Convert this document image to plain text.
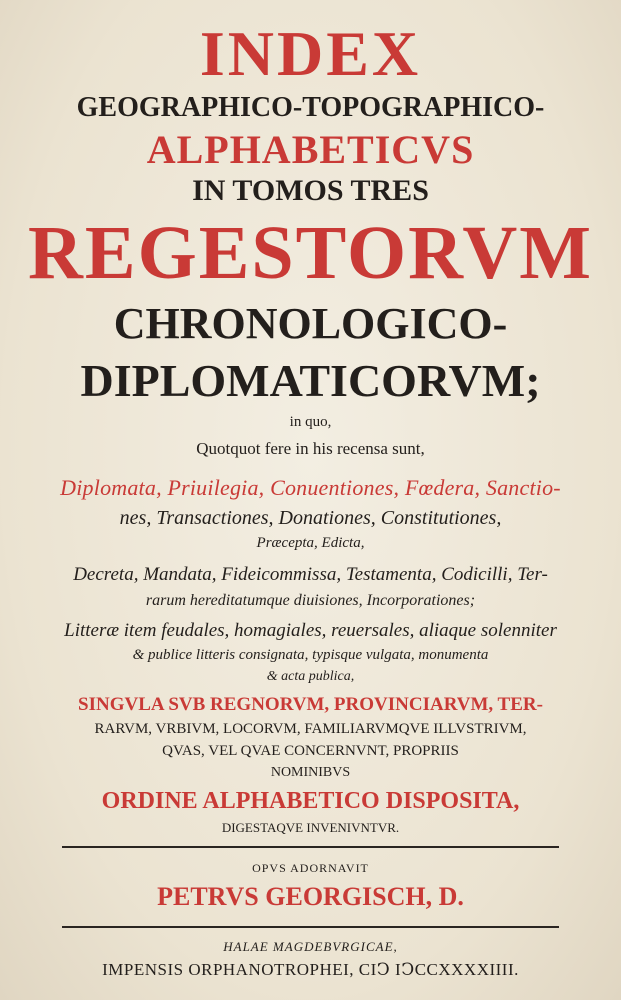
INDEX
GEOGRAPHICO-TOPOGRAPHICO-
ALPHABETICVS
IN TOMOS TRES
REGESTORVM
CHRONOLOGICO-
DIPLOMATICORVM;
in quo,
Quotquot fere in his recensa sunt,
Diplomata, Priuilegia, Conuentiones, Fœdera, Sanctio-
nes, Transactiones, Donationes, Constitutiones,
Præcepta, Edicta,
Decreta, Mandata, Fideicommissa, Testamenta, Codicilli, Ter-
rarum hereditatumque diuisiones, Incorporationes;
Litteræ item feudales, homagiales, reuersales, aliaque solenniter
& publice litteris consignata, typisque vulgata, monumenta
& acta publica,
SINGVLA SVB REGNORVM, PROVINCIARVM, TER-
RARVM, VRBIVM, LOCORVM, FAMILIARVMQVE ILLVSTRIVM,
QVAS, VEL QVAE CONCERNVNT, PROPRIIS
NOMINIBVS
ORDINE ALPHABETICO DISPOSITA,
DIGESTAQVE INVENIVNTVR.
OPVS ADORNAVIT
PETRVS GEORGISCH, D.
HALAE MAGDEBVRGICAE,
IMPENSIS ORPHANOTROPHEI, CIↃ IↃCCXXXXIIII.
